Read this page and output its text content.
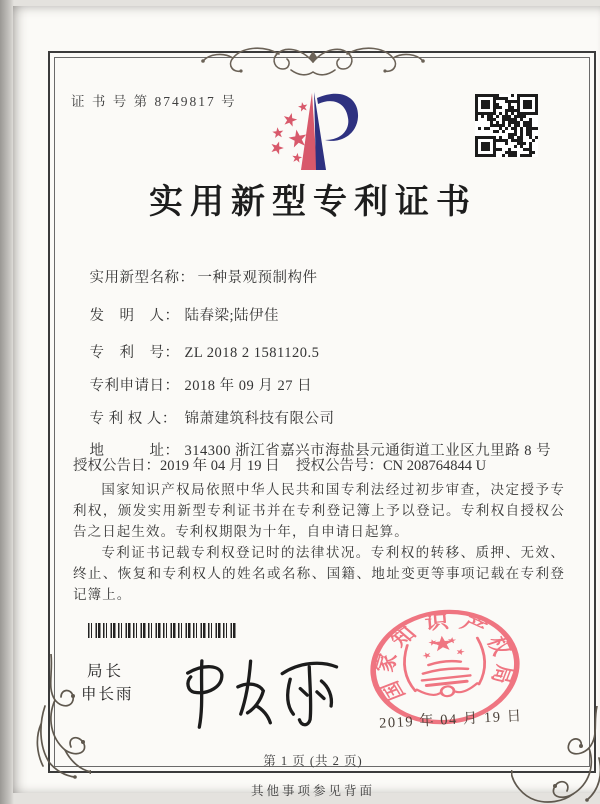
证 书 号 第 8749817 号
实用新型专利证书

实用新型名称： 一种景观预制构件

发　明　人： 陆春梁;陆伊佳

专　利　号： ZL 2018 2 1581120.5

专利申请日： 2018 年 09 月 27 日

专 利 权 人： 锦萧建筑科技有限公司

地　　　址： 314300 浙江省嘉兴市海盐县元通街道工业区九里路 8 号

授权公告日：2019 年 04 月 19 日 授权公告号：CN 208764844 U

国家知识产权局依照中华人民共和国专利法经过初步审查，决定授予专利权，颁发实用新型专利证书并在专利登记簿上予以登记。专利权自授权公告之日起生效。专利权期限为十年，自申请日起算。

专利证书记载专利权登记时的法律状况。专利权的转移、质押、无效、终止、恢复和专利权人的姓名或名称、国籍、地址变更等事项记载在专利登记簿上。

局长
申长雨	国家知识产权局
2019 年 04 月 19 日
第 1 页 (共 2 页)
其他事项参见背面
